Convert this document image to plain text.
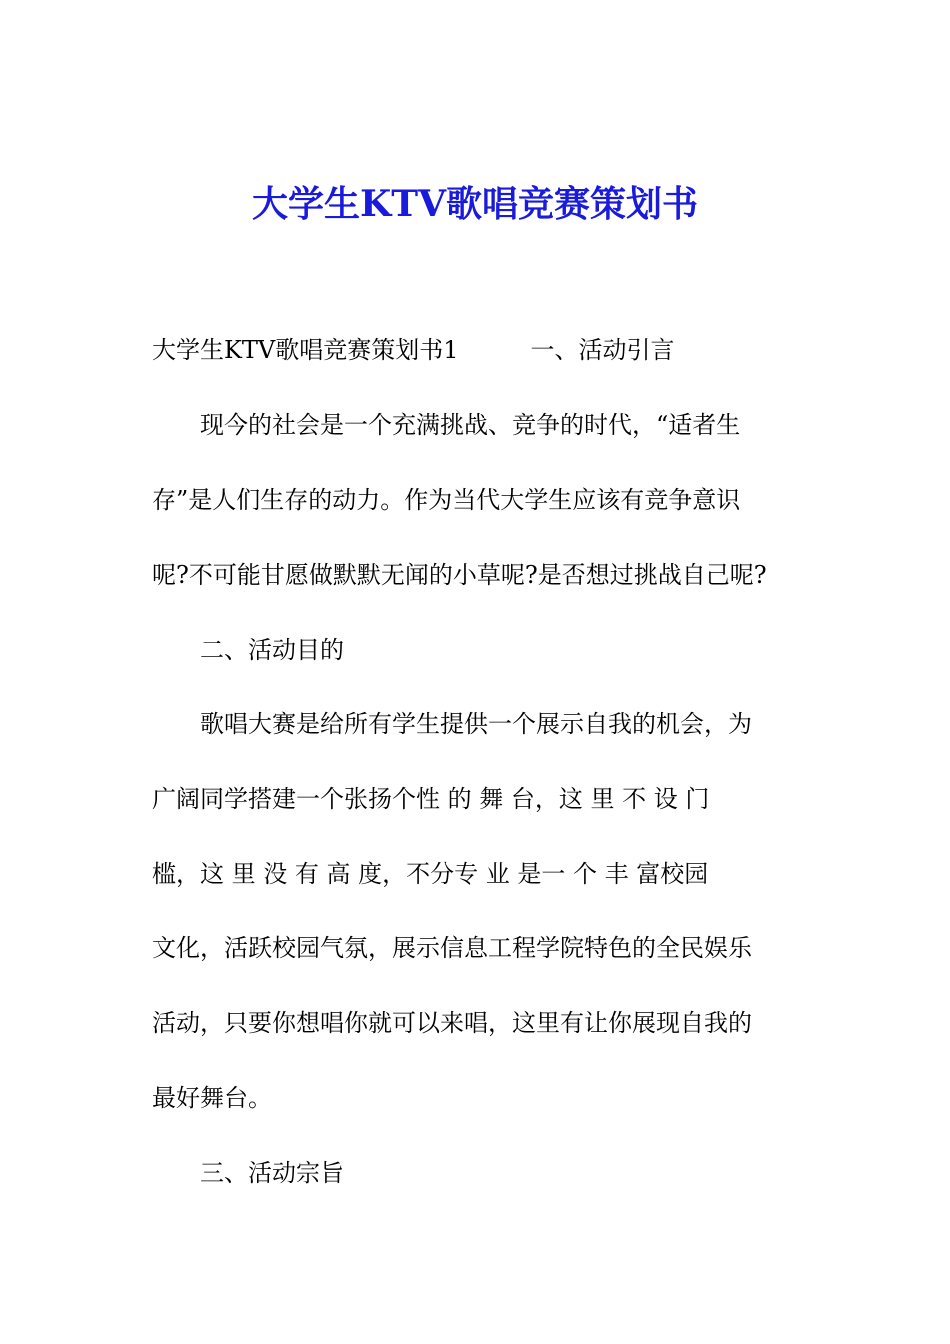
大学生KTV歌唱竞赛策划书
大学生KTV歌唱竞赛策划书1　　　一、活动引言
现今的社会是一个充满挑战、竞争的时代，“适者生
存”是人们生存的动力。作为当代大学生应该有竞争意识
呢?不可能甘愿做默默无闻的小草呢?是否想过挑战自己呢?
二、活动目的
歌唱大赛是给所有学生提供一个展示自我的机会，为
广阔同学搭建一个张扬个性 的 舞 台，这 里 不 设 门
槛，这 里 没 有 高 度，不分专 业 是一 个 丰 富校园
文化，活跃校园气氛，展示信息工程学院特色的全民娱乐
活动，只要你想唱你就可以来唱，这里有让你展现自我的
最好舞台。
三、活动宗旨
